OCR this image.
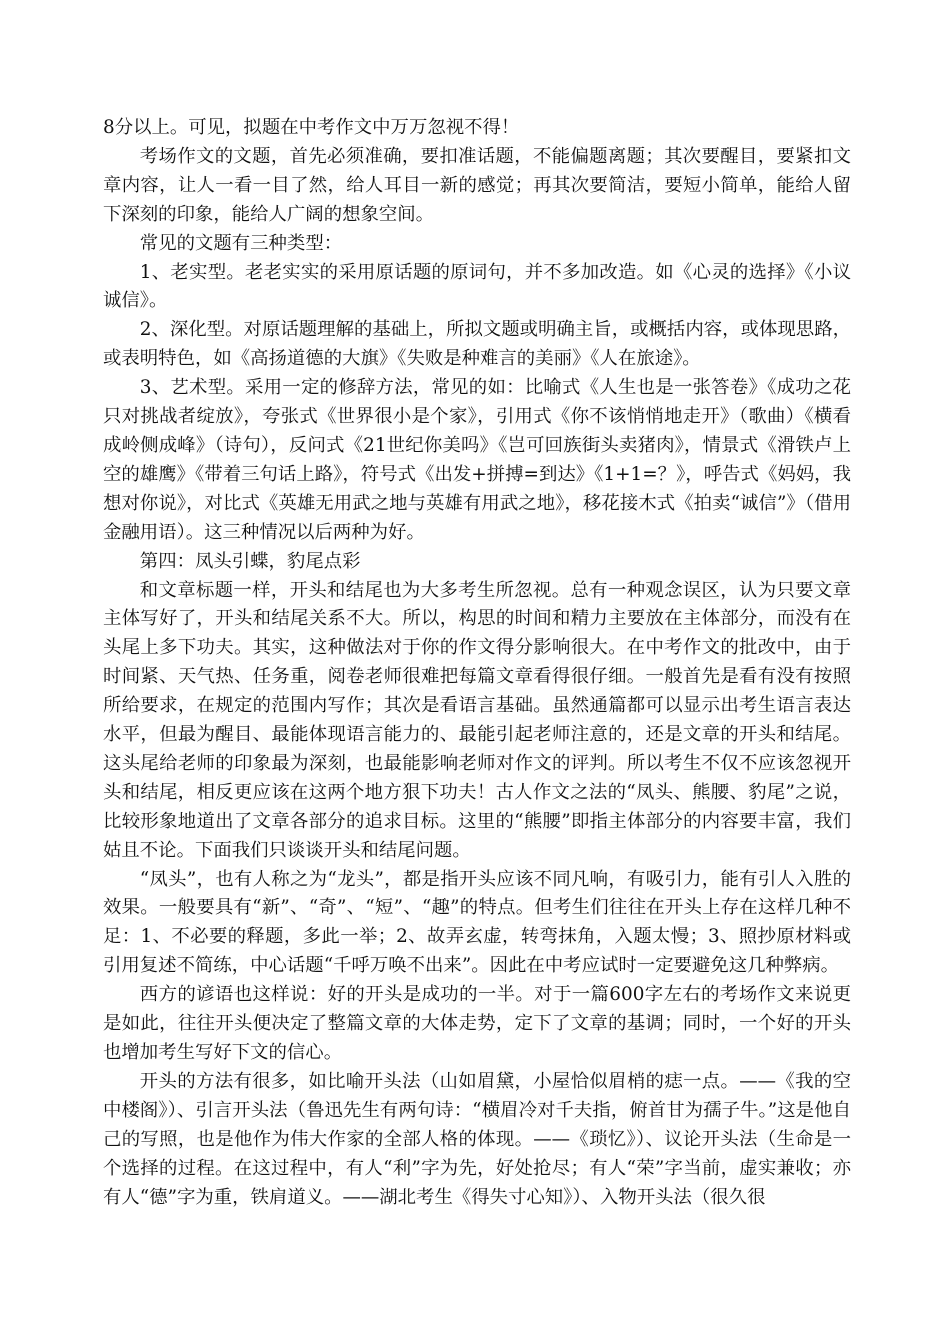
8分以上。可见，拟题在中考作文中万万忽视不得！

考场作文的文题，首先必须准确，要扣准话题，不能偏题离题；其次要醒目，要紧扣文章内容，让人一看一目了然，给人耳目一新的感觉；再其次要简洁，要短小简单，能给人留下深刻的印象，能给人广阔的想象空间。

常见的文题有三种类型：

1、老实型。老老实实的采用原话题的原词句，并不多加改造。如《心灵的选择》《小议诚信》。

2、深化型。对原话题理解的基础上，所拟文题或明确主旨，或概括内容，或体现思路，或表明特色，如《高扬道德的大旗》《失败是种难言的美丽》《人在旅途》。

3、艺术型。采用一定的修辞方法，常见的如：比喻式《人生也是一张答卷》《成功之花只对挑战者绽放》，夸张式《世界很小是个家》，引用式《你不该悄悄地走开》（歌曲）《横看成岭侧成峰》（诗句），反问式《21世纪你美吗》《岂可回族街头卖猪肉》，情景式《滑铁卢上空的雄鹰》《带着三句话上路》，符号式《出发+拼搏=到达》《1+1=？》，呼告式《妈妈，我想对你说》，对比式《英雄无用武之地与英雄有用武之地》，移花接木式《拍卖“诚信”》（借用金融用语）。这三种情况以后两种为好。

第四：凤头引蝶，豹尾点彩

和文章标题一样，开头和结尾也为大多考生所忽视。总有一种观念误区，认为只要文章主体写好了，开头和结尾关系不大。所以，构思的时间和精力主要放在主体部分，而没有在头尾上多下功夫。其实，这种做法对于你的作文得分影响很大。在中考作文的批改中，由于时间紧、天气热、任务重，阅卷老师很难把每篇文章看得很仔细。一般首先是看有没有按照所给要求，在规定的范围内写作；其次是看语言基础。虽然通篇都可以显示出考生语言表达水平，但最为醒目、最能体现语言能力的、最能引起老师注意的，还是文章的开头和结尾。这头尾给老师的印象最为深刻，也最能影响老师对作文的评判。所以考生不仅不应该忽视开头和结尾，相反更应该在这两个地方狠下功夫！古人作文之法的“凤头、熊腰、豹尾”之说，比较形象地道出了文章各部分的追求目标。这里的“熊腰”即指主体部分的内容要丰富，我们姑且不论。下面我们只谈谈开头和结尾问题。

“凤头”，也有人称之为“龙头”，都是指开头应该不同凡响，有吸引力，能有引人入胜的效果。一般要具有“新”、“奇”、“短”、“趣”的特点。但考生们往往在开头上存在这样几种不足：1、不必要的释题，多此一举；2、故弄玄虚，转弯抹角，入题太慢；3、照抄原材料或引用复述不简练，中心话题“千呼万唤不出来”。因此在中考应试时一定要避免这几种弊病。

西方的谚语也这样说：好的开头是成功的一半。对于一篇600字左右的考场作文来说更是如此，往往开头便决定了整篇文章的大体走势，定下了文章的基调；同时，一个好的开头也增加考生写好下文的信心。

开头的方法有很多，如比喻开头法（山如眉黛，小屋恰似眉梢的痣一点。——《我的空中楼阁》）、引言开头法（鲁迅先生有两句诗：“横眉冷对千夫指，俯首甘为孺子牛。”这是他自己的写照，也是他作为伟大作家的全部人格的体现。——《琐忆》）、议论开头法（生命是一个选择的过程。在这过程中，有人“利”字为先，好处抢尽；有人“荣”字当前，虚实兼收；亦有人“德”字为重，铁肩道义。——湖北考生《得失寸心知》）、入物开头法（很久很
